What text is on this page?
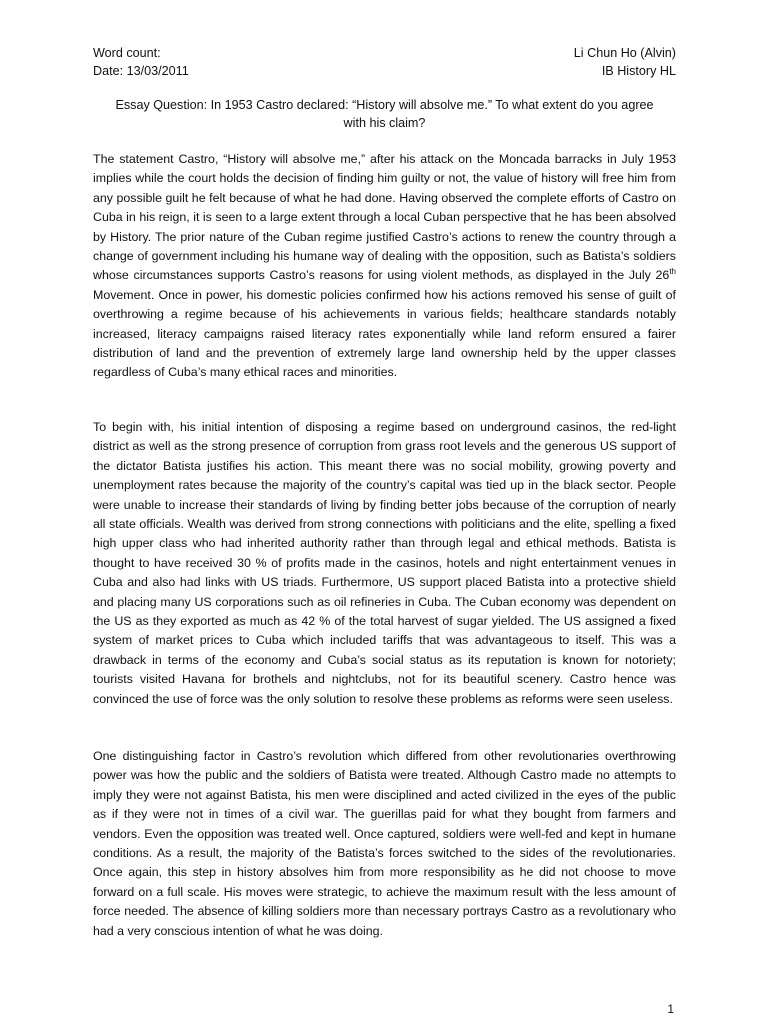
Word count:	Li Chun Ho (Alvin)
Date: 13/03/2011	IB History HL
Essay Question: In 1953 Castro declared: “History will absolve me.” To what extent do you agree
with his claim?

The statement Castro, “History will absolve me,” after his attack on the Moncada barracks in July 1953 implies while the court holds the decision of finding him guilty or not, the value of history will free him from any possible guilt he felt because of what he had done. Having observed the complete efforts of Castro on Cuba in his reign, it is seen to a large extent through a local Cuban perspective that he has been absolved by History. The prior nature of the Cuban regime justified Castro’s actions to renew the country through a change of government including his humane way of dealing with the opposition, such as Batista’s soldiers whose circumstances supports Castro’s reasons for using violent methods, as displayed in the July 26th Movement. Once in power, his domestic policies confirmed how his actions removed his sense of guilt of overthrowing a regime because of his achievements in various fields; healthcare standards notably increased, literacy campaigns raised literacy rates exponentially while land reform ensured a fairer distribution of land and the prevention of extremely large land ownership held by the upper classes regardless of Cuba’s many ethical races and minorities.

To begin with, his initial intention of disposing a regime based on underground casinos, the red-light district as well as the strong presence of corruption from grass root levels and the generous US support of the dictator Batista justifies his action. This meant there was no social mobility, growing poverty and unemployment rates because the majority of the country’s capital was tied up in the black sector. People were unable to increase their standards of living by finding better jobs because of the corruption of nearly all state officials. Wealth was derived from strong connections with politicians and the elite, spelling a fixed high upper class who had inherited authority rather than through legal and ethical methods. Batista is thought to have received 30 % of profits made in the casinos, hotels and night entertainment venues in Cuba and also had links with US triads. Furthermore, US support placed Batista into a protective shield and placing many US corporations such as oil refineries in Cuba. The Cuban economy was dependent on the US as they exported as much as 42 % of the total harvest of sugar yielded. The US assigned a fixed system of market prices to Cuba which included tariffs that was advantageous to itself. This was a drawback in terms of the economy and Cuba’s social status as its reputation is known for notoriety; tourists visited Havana for brothels and nightclubs, not for its beautiful scenery. Castro hence was convinced the use of force was the only solution to resolve these problems as reforms were seen useless.

One distinguishing factor in Castro’s revolution which differed from other revolutionaries overthrowing power was how the public and the soldiers of Batista were treated. Although Castro made no attempts to imply they were not against Batista, his men were disciplined and acted civilized in the eyes of the public as if they were not in times of a civil war. The guerillas paid for what they bought from farmers and vendors. Even the opposition was treated well. Once captured, soldiers were well-fed and kept in humane conditions. As a result, the majority of the Batista’s forces switched to the sides of the revolutionaries. Once again, this step in history absolves him from more responsibility as he did not choose to move forward on a full scale. His moves were strategic, to achieve the maximum result with the less amount of force needed. The absence of killing soldiers more than necessary portrays Castro as a revolutionary who had a very conscious intention of what he was doing.

1
